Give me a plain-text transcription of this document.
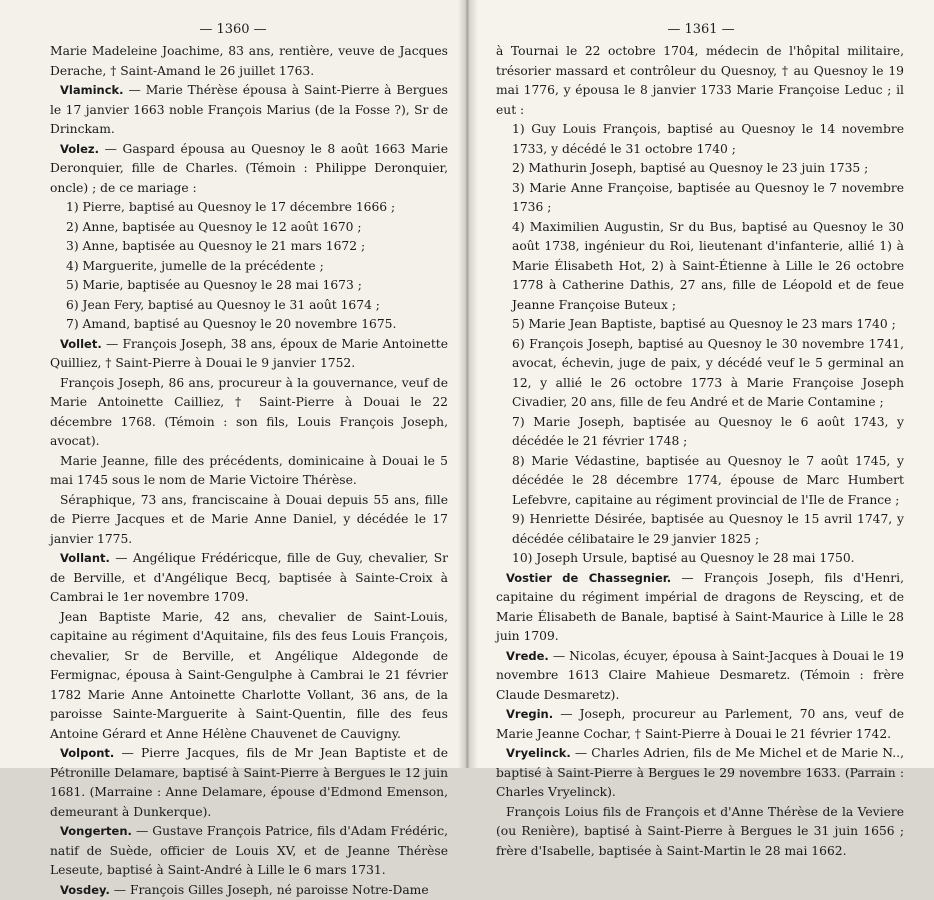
— 1360 —

Marie Madeleine Joachime, 83 ans, rentière, veuve de Jacques Derache, † Saint-Amand le 26 juillet 1763.

Vlaminck. — Marie Thérèse épousa à Saint-Pierre à Bergues le 17 janvier 1663 noble François Marius (de la Fosse ?), Sr de Drinckam.

Volez. — Gaspard épousa au Quesnoy le 8 août 1663 Marie Deronquier, fille de Charles. (Témoin : Philippe Deronquier, oncle) ; de ce mariage :

1) Pierre, baptisé au Quesnoy le 17 décembre 1666 ;

2) Anne, baptisée au Quesnoy le 12 août 1670 ;

3) Anne, baptisée au Quesnoy le 21 mars 1672 ;

4) Marguerite, jumelle de la précédente ;

5) Marie, baptisée au Quesnoy le 28 mai 1673 ;

6) Jean Fery, baptisé au Quesnoy le 31 août 1674 ;

7) Amand, baptisé au Quesnoy le 20 novembre 1675.

Vollet. — François Joseph, 38 ans, époux de Marie Antoinette Quilliez, † Saint-Pierre à Douai le 9 janvier 1752.

François Joseph, 86 ans, procureur à la gouvernance, veuf de Marie Antoinette Cailliez, † Saint-Pierre à Douai le 22 décembre 1768. (Témoin : son fils, Louis François Joseph, avocat).

Marie Jeanne, fille des précédents, dominicaine à Douai le 5 mai 1745 sous le nom de Marie Victoire Thérèse.

Séraphique, 73 ans, franciscaine à Douai depuis 55 ans, fille de Pierre Jacques et de Marie Anne Daniel, y décédée le 17 janvier 1775.

Vollant. — Angélique Frédéricque, fille de Guy, chevalier, Sr de Berville, et d'Angélique Becq, baptisée à Sainte-Croix à Cambrai le 1er novembre 1709.

Jean Baptiste Marie, 42 ans, chevalier de Saint-Louis, capitaine au régiment d'Aquitaine, fils des feus Louis François, chevalier, Sr de Berville, et Angélique Aldegonde de Fermignac, épousa à Saint-Gengulphe à Cambrai le 21 février 1782 Marie Anne Antoinette Charlotte Vollant, 36 ans, de la paroisse Sainte-Marguerite à Saint-Quentin, fille des feus Antoine Gérard et Anne Hélène Chauvenet de Cauvigny.

Volpont. — Pierre Jacques, fils de Mr Jean Baptiste et de Pétronille Delamare, baptisé à Saint-Pierre à Bergues le 12 juin 1681. (Marraine : Anne Delamare, épouse d'Edmond Emenson, demeurant à Dunkerque).

Vongerten. — Gustave François Patrice, fils d'Adam Frédéric, natif de Suède, officier de Louis XV, et de Jeanne Thérèse Leseute, baptisé à Saint-André à Lille le 6 mars 1731.

Vosdey. — François Gilles Joseph, né paroisse Notre-Dame

— 1361 —

à Tournai le 22 octobre 1704, médecin de l'hôpital militaire, trésorier massard et contrôleur du Quesnoy, † au Quesnoy le 19 mai 1776, y épousa le 8 janvier 1733 Marie Françoise Leduc ; il eut :

1) Guy Louis François, baptisé au Quesnoy le 14 novembre 1733, y décédé le 31 octobre 1740 ;

2) Mathurin Joseph, baptisé au Quesnoy le 23 juin 1735 ;

3) Marie Anne Françoise, baptisée au Quesnoy le 7 novembre 1736 ;

4) Maximilien Augustin, Sr du Bus, baptisé au Quesnoy le 30 août 1738, ingénieur du Roi, lieutenant d'infanterie, allié 1) à Marie Élisabeth Hot, 2) à Saint-Étienne à Lille le 26 octobre 1778 à Catherine Dathis, 27 ans, fille de Léopold et de feue Jeanne Françoise Buteux ;

5) Marie Jean Baptiste, baptisé au Quesnoy le 23 mars 1740 ;

6) François Joseph, baptisé au Quesnoy le 30 novembre 1741, avocat, échevin, juge de paix, y décédé veuf le 5 germinal an 12, y allié le 26 octobre 1773 à Marie Françoise Joseph Civadier, 20 ans, fille de feu André et de Marie Contamine ;

7) Marie Joseph, baptisée au Quesnoy le 6 août 1743, y décédée le 21 février 1748 ;

8) Marie Védastine, baptisée au Quesnoy le 7 août 1745, y décédée le 28 décembre 1774, épouse de Marc Humbert Lefebvre, capitaine au régiment provincial de l'Ile de France ;

9) Henriette Désirée, baptisée au Quesnoy le 15 avril 1747, y décédée célibataire le 29 janvier 1825 ;

10) Joseph Ursule, baptisé au Quesnoy le 28 mai 1750.

Vostier de Chassegnier. — François Joseph, fils d'Henri, capitaine du régiment impérial de dragons de Reyscing, et de Marie Élisabeth de Banale, baptisé à Saint-Maurice à Lille le 28 juin 1709.

Vrede. — Nicolas, écuyer, épousa à Saint-Jacques à Douai le 19 novembre 1613 Claire Mahieue Desmaretz. (Témoin : frère Claude Desmaretz).

Vregin. — Joseph, procureur au Parlement, 70 ans, veuf de Marie Jeanne Cochar, † Saint-Pierre à Douai le 21 février 1742.

Vryelinck. — Charles Adrien, fils de Me Michel et de Marie N.., baptisé à Saint-Pierre à Bergues le 29 novembre 1633. (Parrain : Charles Vryelinck).

François Loius fils de François et d'Anne Thérèse de la Veviere (ou Renière), baptisé à Saint-Pierre à Bergues le 31 juin 1656 ; frère d'Isabelle, baptisée à Saint-Martin le 28 mai 1662.
